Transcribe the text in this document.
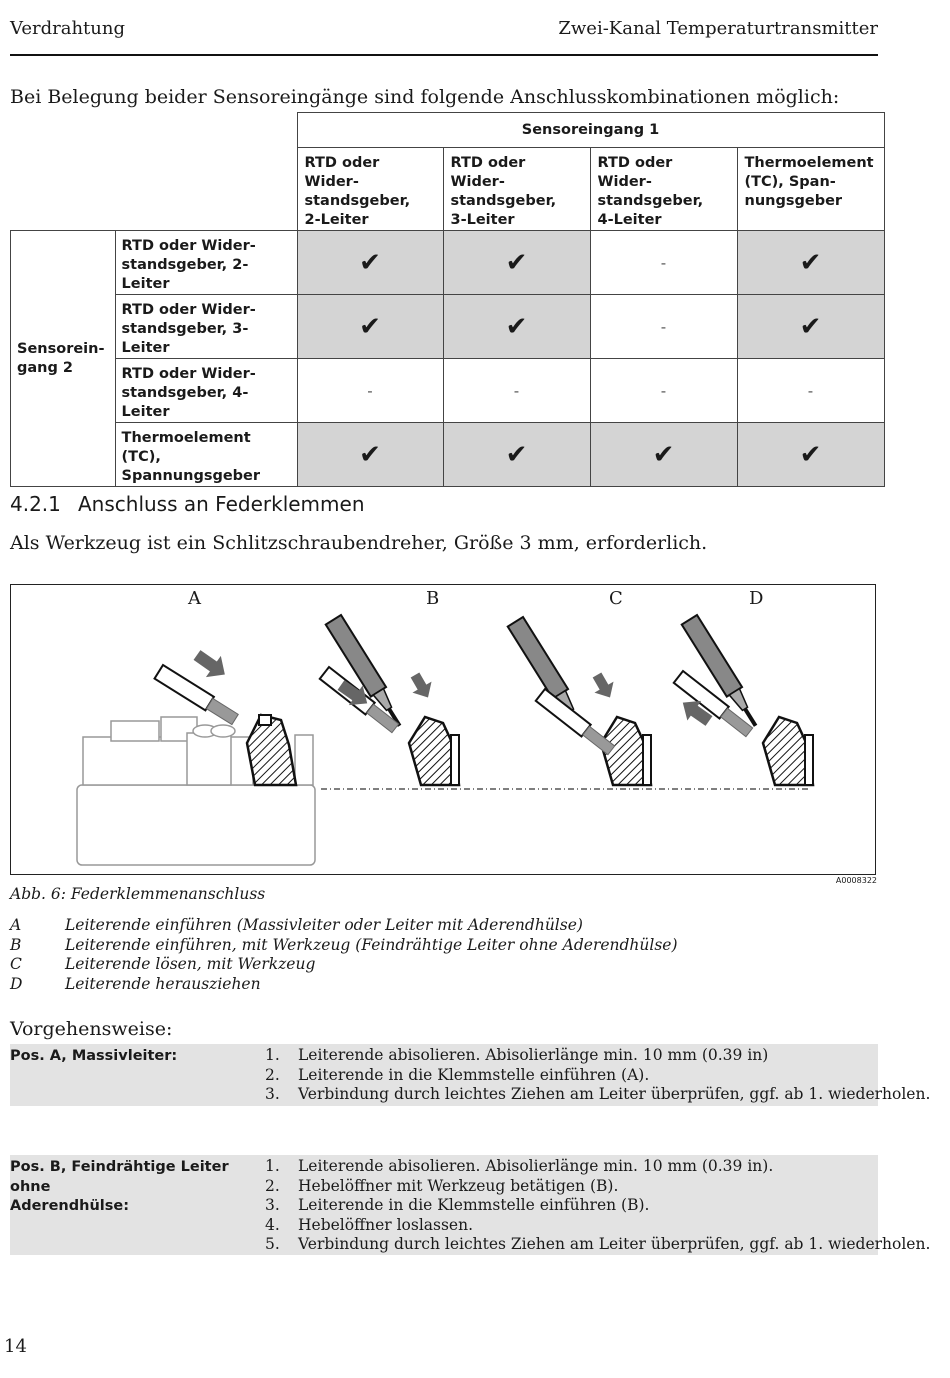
Verdrahtung	Zwei-Kanal Temperaturtransmitter
Bei Belegung beider Sensoreingänge sind folgende Anschlusskombinationen möglich:
		Sensoreingang 1			
		RTD oder Wider-
standsgeber,
2-Leiter	RTD oder Wider-
standsgeber,
3-Leiter	RTD oder Wider-
standsgeber,
4-Leiter	Thermoelement
(TC), Span-
nungsgeber
Sensorein-
gang 2	RTD oder Wider-
standsgeber, 2-Leiter	✔	✔	-	✔
	RTD oder Wider-
standsgeber, 3-Leiter	✔	✔	-	✔
	RTD oder Wider-
standsgeber, 4-Leiter	-	-	-	-
	Thermoelement (TC),
Spannungsgeber	✔	✔	✔	✔
4.2.1 Anschluss an Federklemmen
Als Werkzeug ist ein Schlitzschraubendreher, Größe 3 mm, erforderlich.
A	B	C	D
A0008322
Abb. 6: Federklemmenanschluss
A	Leiterende einführen (Massivleiter oder Leiter mit Aderendhülse)
B	Leiterende einführen, mit Werkzeug (Feindrähtige Leiter ohne Aderendhülse)
C	Leiterende lösen, mit Werkzeug
D	Leiterende herausziehen
Vorgehensweise:
Pos. A, Massivleiter:	1. Leiterende abisolieren. Abisolierlänge min. 10 mm (0.39 in)
2. Leiterende in die Klemmstelle einführen (A).
3. Verbindung durch leichtes Ziehen am Leiter überprüfen, ggf. ab 1. wiederholen.
Pos. B, Feindrähtige Leiter ohne
Aderendhülse:
1. Leiterende abisolieren. Abisolierlänge min. 10 mm (0.39 in).
2. Hebelöffner mit Werkzeug betätigen (B).
3. Leiterende in die Klemmstelle einführen (B).
4. Hebelöffner loslassen.
5. Verbindung durch leichtes Ziehen am Leiter überprüfen, ggf. ab 1. wiederholen.
14
